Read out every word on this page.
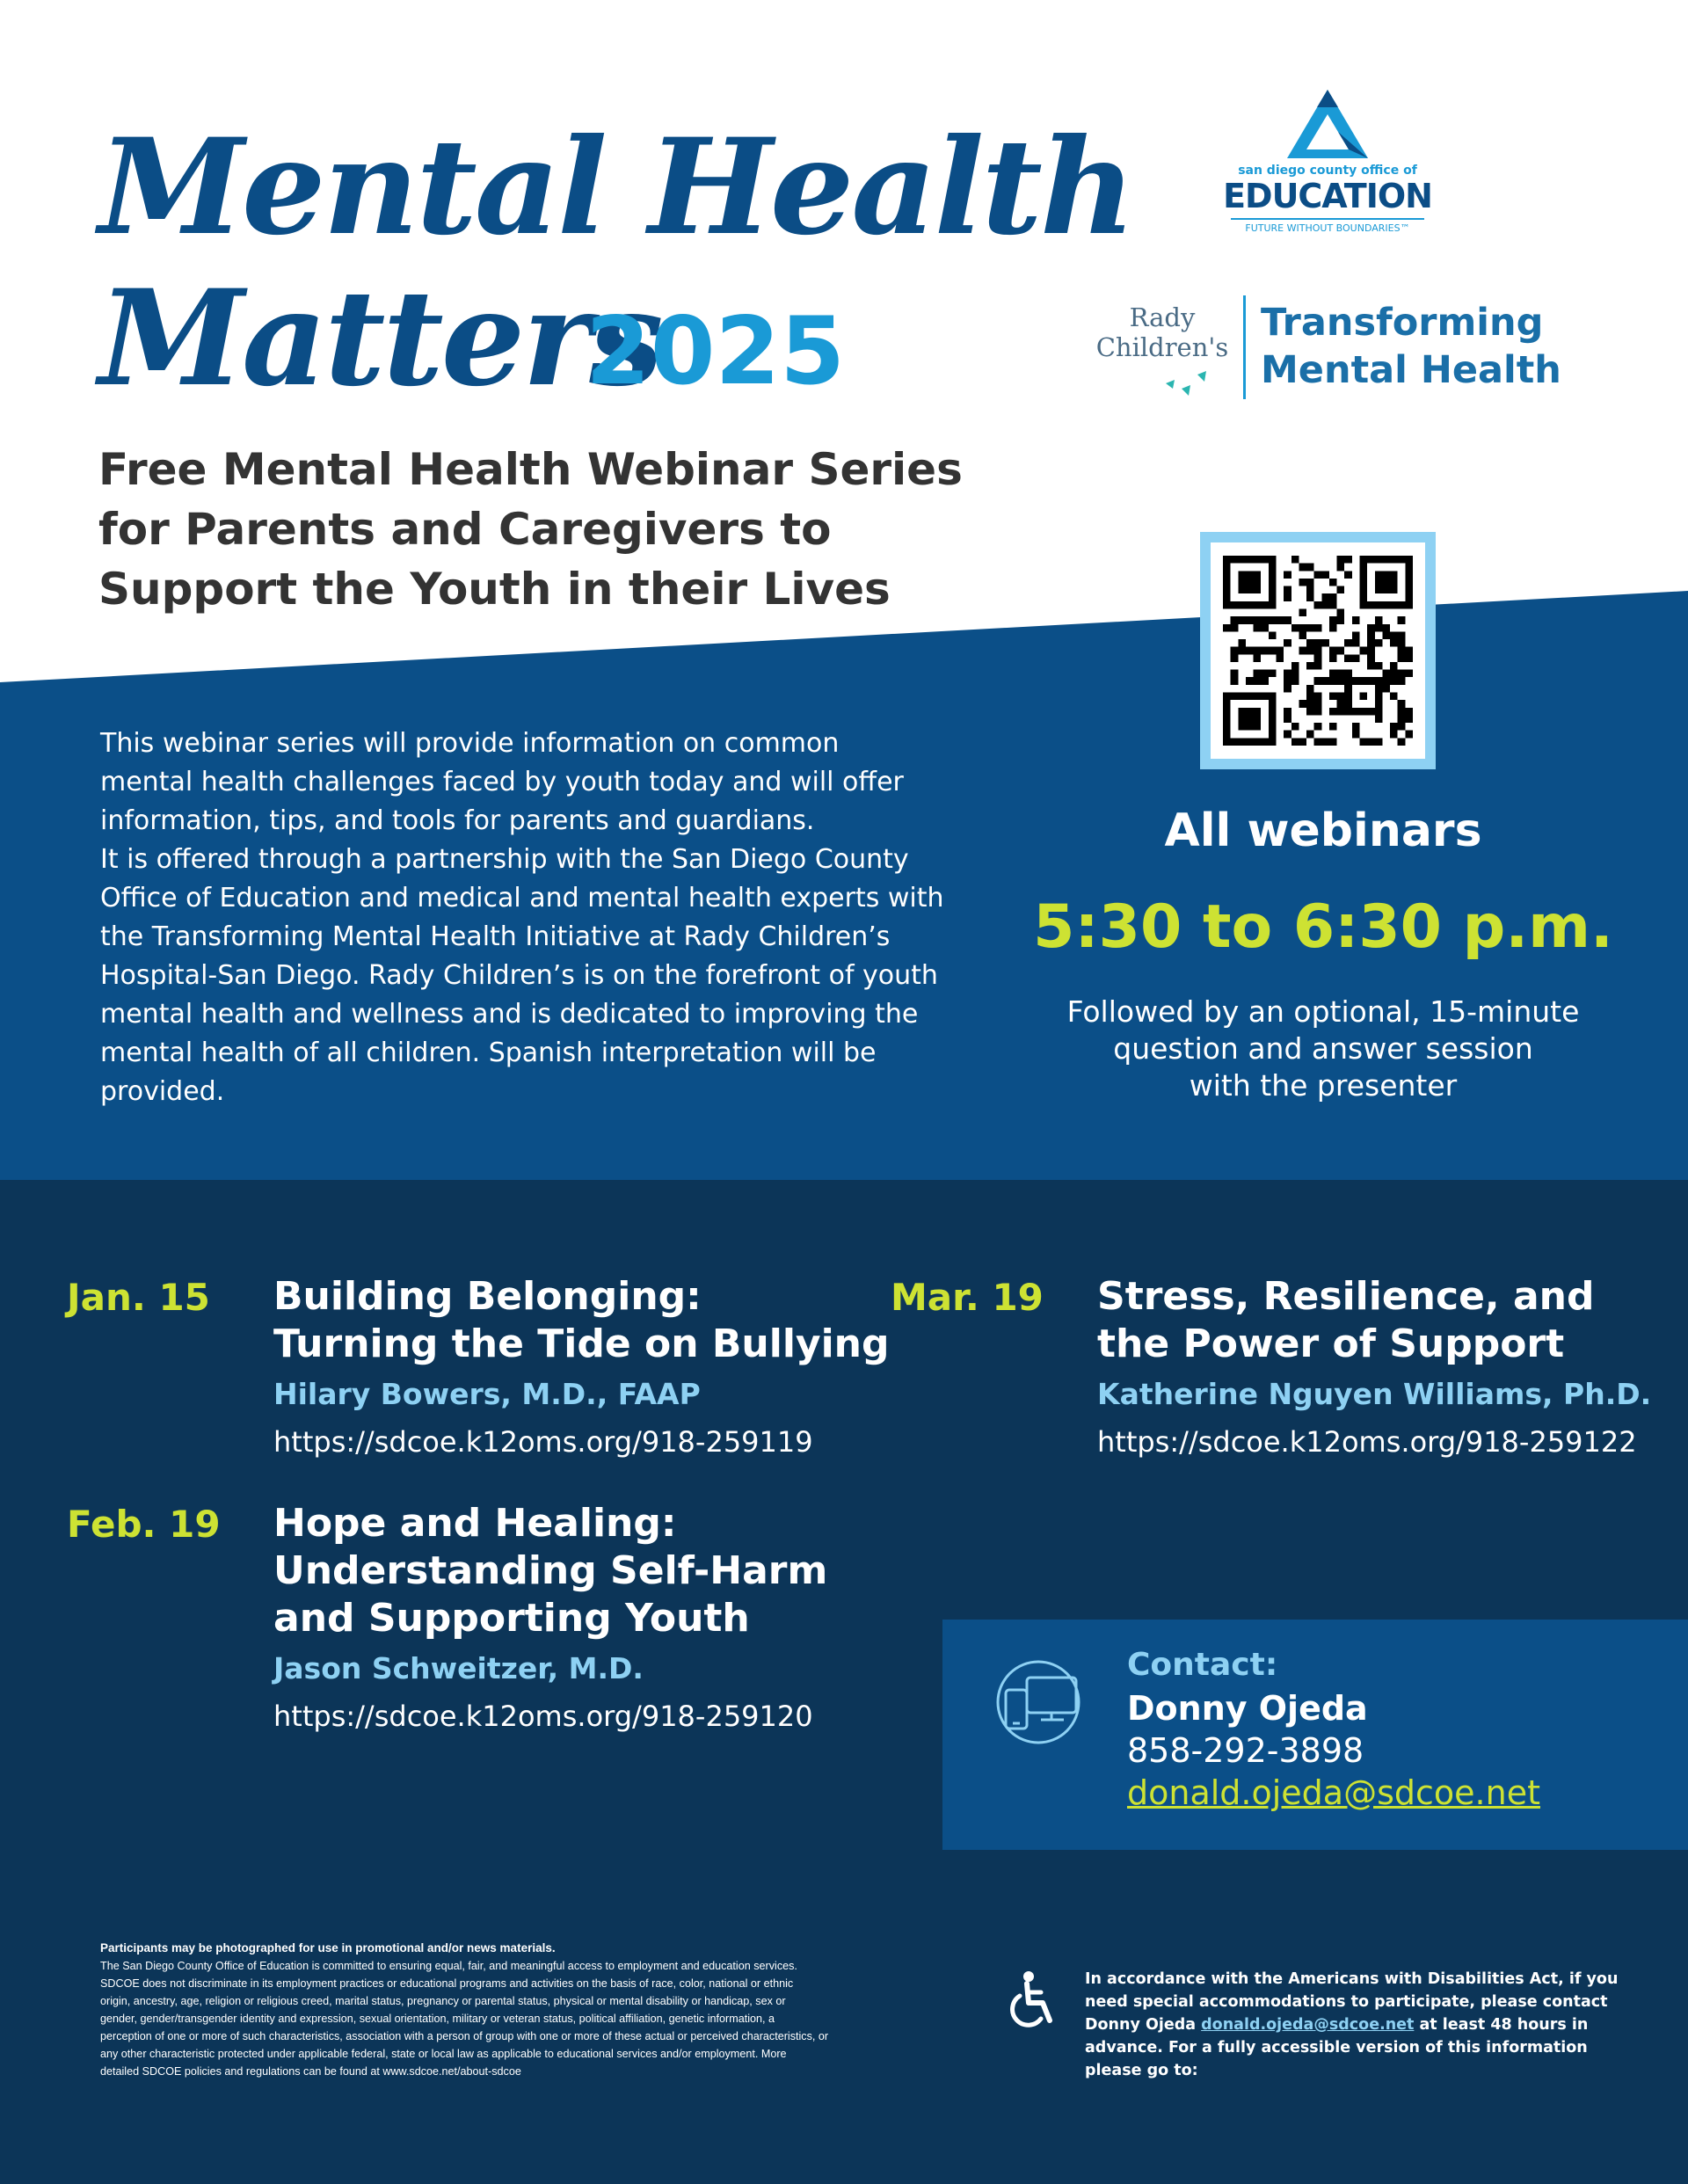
Mental Health
Matters
2025
Free Mental Health Webinar Series
for Parents and Caregivers to
Support the Youth in their Lives
san diego county office of
EDUCATION
FUTURE WITHOUT BOUNDARIES™
Rady
Children's
Transforming
Mental Health

This webinar series will provide information on common

mental health challenges faced by youth today and will offer

information, tips, and tools for parents and guardians.

It is offered through a partnership with the San Diego County

Office of Education and medical and mental health experts with

the Transforming Mental Health Initiative at Rady Children’s

Hospital-San Diego. Rady Children’s is on the forefront of youth

mental health and wellness and is dedicated to improving the

mental health of all children. Spanish interpretation will be

provided.

All webinars
5:30 to 6:30 p.m.
Followed by an optional, 15-minute
question and answer session
with the presenter
Jan. 15 Building Belonging:
Turning the Tide on Bullying
Hilary Bowers, M.D., FAAP
https://sdcoe.k12oms.org/918-259119
Feb. 19 Hope and Healing:
Understanding Self-Harm
and Supporting Youth
Jason Schweitzer, M.D.
https://sdcoe.k12oms.org/918-259120
Mar. 19 Stress, Resilience, and
the Power of Support
Katherine Nguyen Williams, Ph.D.
https://sdcoe.k12oms.org/918-259122
Contact:
Donny Ojeda
858-292-3898
donald.ojeda@sdcoe.net
Participants may be photographed for use in promotional and/or news materials.
The San Diego County Office of Education is committed to ensuring equal, fair, and meaningful access to employment and education services.
SDCOE does not discriminate in its employment practices or educational programs and activities on the basis of race, color, national or ethnic
origin, ancestry, age, religion or religious creed, marital status, pregnancy or parental status, physical or mental disability or handicap, sex or
gender, gender/transgender identity and expression, sexual orientation, military or veteran status, political affiliation, genetic information, a
perception of one or more of such characteristics, association with a person of group with one or more of these actual or perceived characteristics, or
any other characteristic protected under applicable federal, state or local law as applicable to educational services and/or employment. More
detailed SDCOE policies and regulations can be found at www.sdcoe.net/about-sdcoe
In accordance with the Americans with Disabilities Act, if you
need special accommodations to participate, please contact
Donny Ojeda donald.ojeda@sdcoe.net at least 48 hours in
advance. For a fully accessible version of this information
please go to:
